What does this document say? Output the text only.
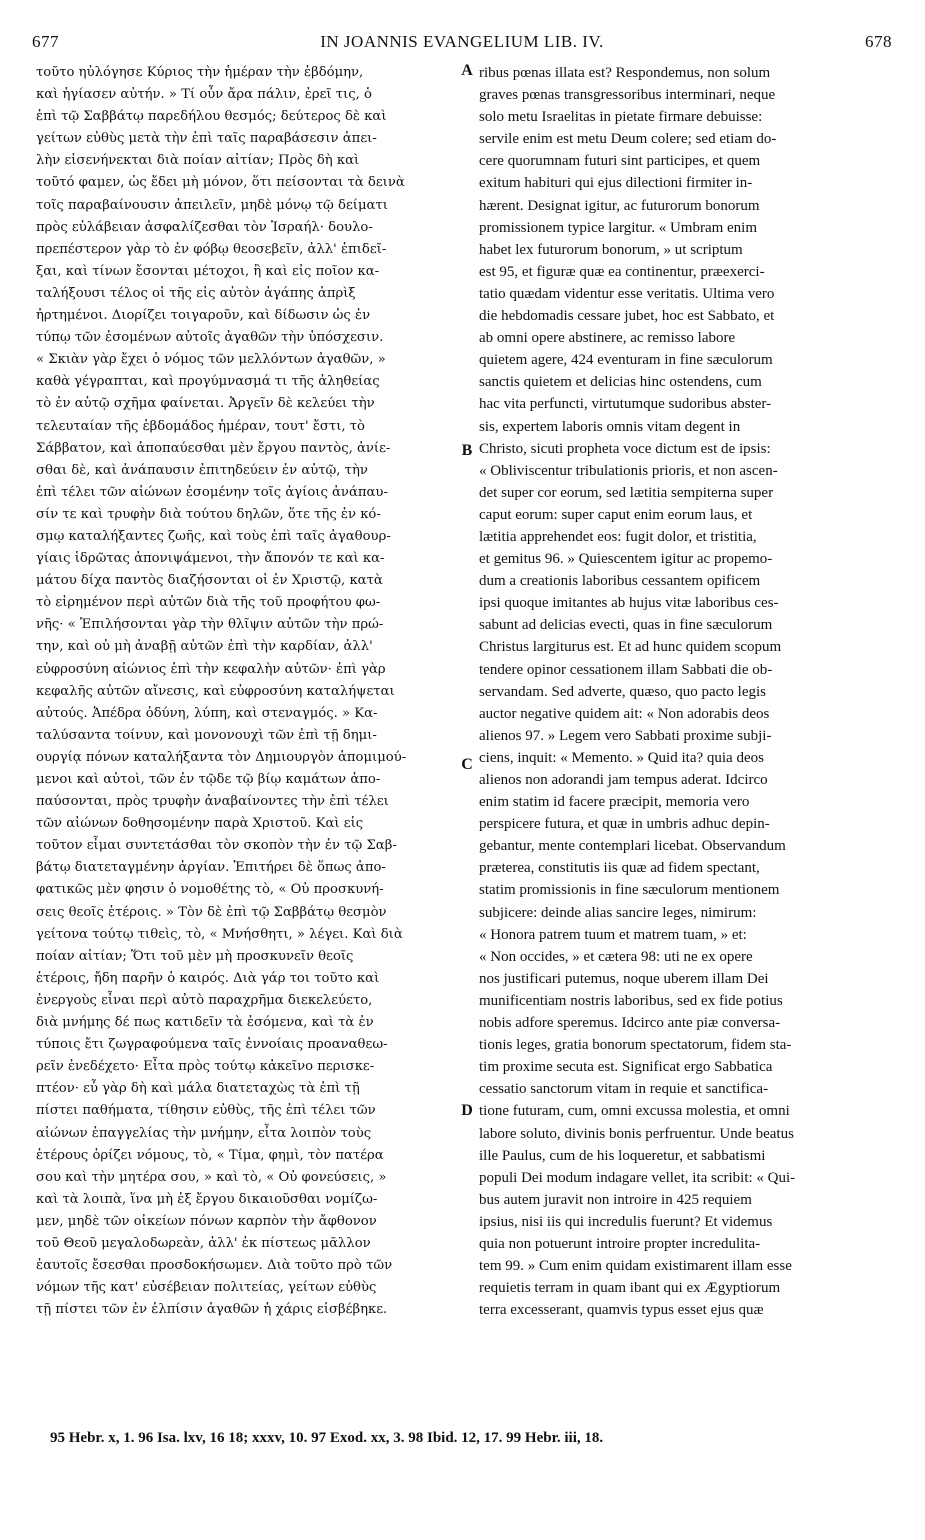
677	IN JOANNIS EVANGELIUM LIB. IV.	678
τοῦτο ηὐλόγησε Κύριος τὴν ἡμέραν τὴν ἑβδόμην,
καὶ ἡγίασεν αὐτήν. » Τί οὖν ἄρα πάλιν, ἐρεῖ τις, ὁ
ἐπὶ τῷ Σαββάτῳ παρεδήλου θεσμός; δεύτερος δὲ καὶ
γείτων εὐθὺς μετὰ τὴν ἐπὶ ταῖς παραβάσεσιν ἀπει-
λὴν εἰσενήνεκται διὰ ποίαν αἰτίαν; Πρὸς δὴ καὶ
τοῦτό φαμεν, ὡς ἔδει μὴ μόνον, ὅτι πείσονται τὰ δεινὰ
τοῖς παραβαίνουσιν ἀπειλεῖν, μηδὲ μόνῳ τῷ δείματι
πρὸς εὐλάβειαν ἀσφαλίζεσθαι τὸν Ἰσραήλ· δουλο-
πρεπέστερον γὰρ τὸ ἐν φόβῳ θεοσεβεῖν, ἀλλ' ἐπιδεῖ-
ξαι, καὶ τίνων ἔσονται μέτοχοι, ἢ καὶ εἰς ποῖον κα-
ταλήξουσι τέλος οἱ τῆς εἰς αὐτὸν ἀγάπης ἀπρὶξ
ἠρτημένοι. Διορίζει τοιγαροῦν, καὶ δίδωσιν ὡς ἐν
τύπῳ τῶν ἐσομένων αὐτοῖς ἀγαθῶν τὴν ὑπόσχεσιν.
« Σκιὰν γὰρ ἔχει ὁ νόμος τῶν μελλόντων ἀγαθῶν, »
καθὰ γέγραπται, καὶ προγύμνασμά τι τῆς ἀληθείας
τὸ ἐν αὐτῷ σχῆμα φαίνεται. Ἀργεῖν δὲ κελεύει τὴν
τελευταίαν τῆς ἑβδομάδος ἡμέραν, τουτ' ἔστι, τὸ
Σάββατον, καὶ ἀποπαύεσθαι μὲν ἔργου παντὸς, ἀνίε-
σθαι δὲ, καὶ ἀνάπαυσιν ἐπιτηδεύειν ἐν αὐτῷ, τὴν
ἐπὶ τέλει τῶν αἰώνων ἐσομένην τοῖς ἁγίοις ἀνάπαυ-
σίν τε καὶ τρυφὴν διὰ τούτου δηλῶν, ὅτε τῆς ἐν κό-
σμῳ καταλήξαντες ζωῆς, καὶ τοὺς ἐπὶ ταῖς ἀγαθουρ-
γίαις ἱδρῶτας ἀπονιψάμενοι, τὴν ἄπονόν τε καὶ κα-
μάτου δίχα παντὸς διαζήσονται οἱ ἐν Χριστῷ, κατὰ
τὸ εἰρημένον περὶ αὐτῶν διὰ τῆς τοῦ προφήτου φω-
νῆς· « Ἐπιλήσονται γὰρ τὴν θλῖψιν αὐτῶν τὴν πρώ-
την, καὶ οὐ μὴ ἀναβῇ αὐτῶν ἐπὶ τὴν καρδίαν, ἀλλ'
εὐφροσύνη αἰώνιος ἐπὶ τὴν κεφαλὴν αὐτῶν· ἐπὶ γὰρ
κεφαλῆς αὐτῶν αἴνεσις, καὶ εὐφροσύνη καταλήψεται
αὐτούς. Ἀπέδρα ὀδύνη, λύπη, καὶ στεναγμός. » Κα-
ταλύσαντα τοίνυν, καὶ μονονουχὶ τῶν ἐπὶ τῇ δημι-
ουργίᾳ πόνων καταλήξαντα τὸν Δημιουργὸν ἀπομιμού-
μενοι καὶ αὐτοὶ, τῶν ἐν τῷδε τῷ βίῳ καμάτων ἀπο-
παύσονται, πρὸς τρυφὴν ἀναβαίνοντες τὴν ἐπὶ τέλει
τῶν αἰώνων δοθησομένην παρὰ Χριστοῦ. Καὶ εἰς
τοῦτον εἶμαι συντετάσθαι τὸν σκοπὸν τὴν ἐν τῷ Σαβ-
βάτῳ διατεταγμένην ἀργίαν. Ἐπιτήρει δὲ ὅπως ἀπο-
φατικῶς μὲν φησιν ὁ νομοθέτης τὸ, « Οὐ προσκυνή-
σεις θεοῖς ἑτέροις. » Τὸν δὲ ἐπὶ τῷ Σαββάτῳ θεσμὸν
γείτονα τούτῳ τιθεὶς, τὸ, « Μνήσθητι, » λέγει. Καὶ διὰ
ποίαν αἰτίαν; Ὅτι τοῦ μὲν μὴ προσκυνεῖν θεοῖς
ἑτέροις, ἤδη παρῆν ὁ καιρός. Διὰ γάρ τοι τοῦτο καὶ
ἐνεργοὺς εἶναι περὶ αὐτὸ παραχρῆμα διεκελεύετο,
διὰ μνήμης δέ πως κατιδεῖν τὰ ἐσόμενα, καὶ τὰ ἐν
τύποις ἔτι ζωγραφούμενα ταῖς ἐννοίαις προαναθεω-
ρεῖν ἐνεδέχετο· Εἶτα πρὸς τούτῳ κἀκεῖνο περισκε-
πτέον· εὖ γὰρ δὴ καὶ μάλα διατεταχὼς τὰ ἐπὶ τῇ
πίστει παθήματα, τίθησιν εὐθὺς, τῆς ἐπὶ τέλει τῶν
αἰώνων ἐπαγγελίας τὴν μνήμην, εἶτα λοιπὸν τοὺς
ἑτέρους ὁρίζει νόμους, τὸ, « Τίμα, φημὶ, τὸν πατέρα
σου καὶ τὴν μητέρα σου, » καὶ τὸ, « Οὐ φονεύσεις, »
καὶ τὰ λοιπὰ, ἵνα μὴ ἐξ ἔργου δικαιοῦσθαι νομίζω-
μεν, μηδὲ τῶν οἰκείων πόνων καρπὸν τὴν ἄφθονον
τοῦ Θεοῦ μεγαλοδωρεὰν, ἀλλ' ἐκ πίστεως μᾶλλον
ἑαυτοῖς ἔσεσθαι προσδοκήσωμεν. Διὰ τοῦτο πρὸ τῶν
νόμων τῆς κατ' εὐσέβειαν πολιτείας, γείτων εὐθὺς
τῇ πίστει τῶν ἐν ἐλπίσιν ἀγαθῶν ἡ χάρις εἰσβέβηκε.
ribus pœnas illata est? Respondemus, non solum
graves pœnas transgressoribus interminari, neque
solo metu Israelitas in pietate firmare debuisse:
servile enim est metu Deum colere; sed etiam do-
cere quorumnam futuri sint participes, et quem
exitum habituri qui ejus dilectioni firmiter in-
hærent. Designat igitur, ac futurorum bonorum
promissionem typice largitur. « Umbram enim
habet lex futurorum bonorum, » ut scriptum
est 95, et figuræ quæ ea continentur, præexerci-
tatio quædam videntur esse veritatis. Ultima vero
die hebdomadis cessare jubet, hoc est Sabbato, et
ab omni opere abstinere, ac remisso labore
quietem agere, 424 eventuram in fine sæculorum
sanctis quietem et delicias hinc ostendens, cum
hac vita perfuncti, virtutumque sudoribus abster-
sis, expertem laboris omnis vitam degent in
Christo, sicuti propheta voce dictum est de ipsis:
« Obliviscentur tribulationis prioris, et non ascen-
det super cor eorum, sed lætitia sempiterna super
caput eorum: super caput enim eorum laus, et
lætitia apprehendet eos: fugit dolor, et tristitia,
et gemitus 96. » Quiescentem igitur ac propemo-
dum a creationis laboribus cessantem opificem
ipsi quoque imitantes ab hujus vitæ laboribus ces-
sabunt ad delicias evecti, quas in fine sæculorum
Christus largiturus est. Et ad hunc quidem scopum
tendere opinor cessationem illam Sabbati die ob-
servandam. Sed adverte, quæso, quo pacto legis
auctor negative quidem ait: « Non adorabis deos
alienos 97. » Legem vero Sabbati proxime subji-
ciens, inquit: « Memento. » Quid ita? quia deos
alienos non adorandi jam tempus aderat. Idcirco
enim statim id facere præcipit, memoria vero
perspicere futura, et quæ in umbris adhuc depin-
gebantur, mente contemplari licebat. Observandum
præterea, constitutis iis quæ ad fidem spectant,
statim promissionis in fine sæculorum mentionem
subjicere: deinde alias sancire leges, nimirum:
« Honora patrem tuum et matrem tuam, » et:
« Non occides, » et cætera 98: uti ne ex opere
nos justificari putemus, noque uberem illam Dei
munificentiam nostris laboribus, sed ex fide potius
nobis adfore speremus. Idcirco ante piæ conversa-
tionis leges, gratia bonorum spectatorum, fidem sta-
tim proxime secuta est. Significat ergo Sabbatica
cessatio sanctorum vitam in requie et sanctifica-
tione futuram, cum, omni excussa molestia, et omni
labore soluto, divinis bonis perfruentur. Unde beatus
ille Paulus, cum de his loqueretur, et sabbatismi
populi Dei modum indagare vellet, ita scribit: « Qui-
bus autem juravit non introire in 425 requiem
ipsius, nisi iis qui incredulis fuerunt? Et videmus
quia non potuerunt introire propter incredulita-
tem 99. » Cum enim quidam existimarent illam esse
requietis terram in quam ibant qui ex Ægyptiorum
terra excesserant, quamvis typus esset ejus quæ
A
B
C
D
95 Hebr. x, 1. 96 Isa. lxv, 16 18; xxxv, 10. 97 Exod. xx, 3. 98 Ibid. 12, 17. 99 Hebr. iii, 18.
